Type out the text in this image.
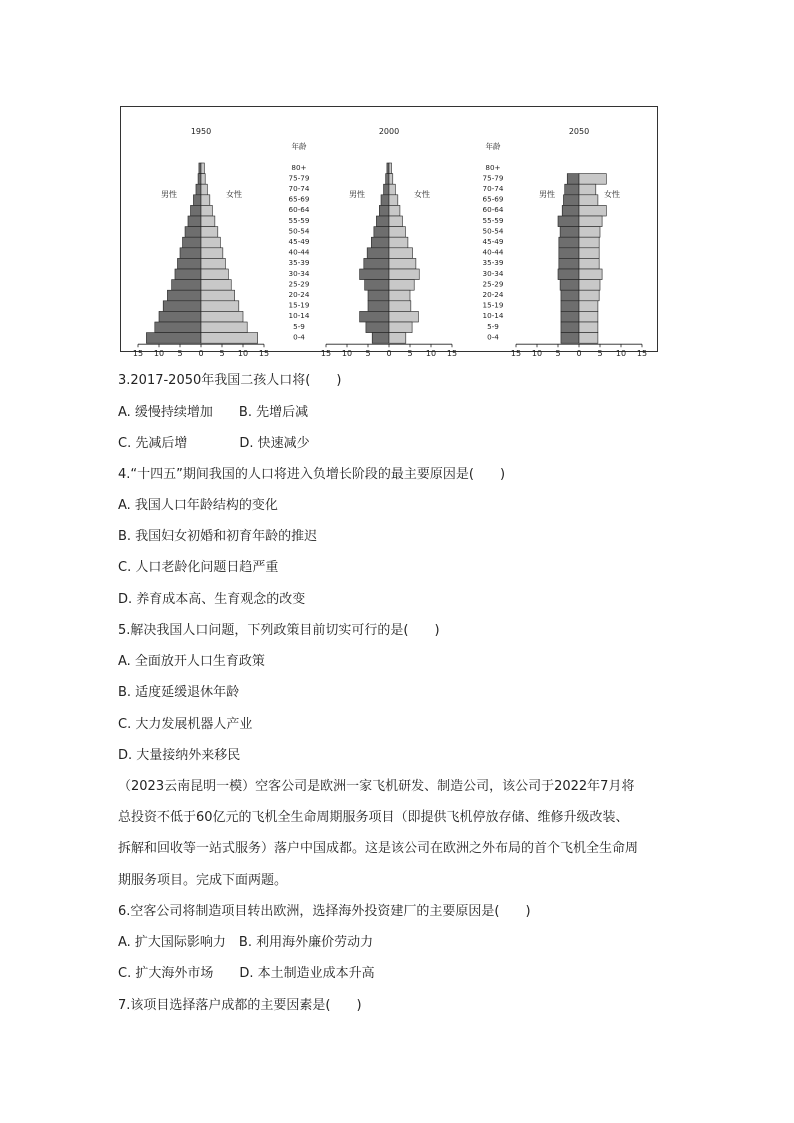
1950
男性	女性
15 10 5 0 5 10 15
2000
男性	女性
15 10 5 0 5 10 15
2050
男性	女性
15 10 5 0 5 10 15
年龄
80+
75-79
70-74
65-69
60-64
55-59
50-54
45-49
40-44
35-39
30-34
25-29
20-24
15-19
10-14
5-9
0-4
年龄
80+
75-79
70-74
65-69
60-64
55-59
50-54
45-49
40-44
35-39
30-34
25-29
20-24
15-19
10-14
5-9
0-4
3.2017-2050年我国二孩人口将(　　)
A. 缓慢持续增加　　B. 先增后减
C. 先减后增　　　　D. 快速减少
4.“十四五”期间我国的人口将进入负增长阶段的最主要原因是(　　)
A. 我国人口年龄结构的变化
B. 我国妇女初婚和初育年龄的推迟
C. 人口老龄化问题日趋严重
D. 养育成本高、生育观念的改变
5.解决我国人口问题，下列政策目前切实可行的是(　　)
A. 全面放开人口生育政策
B. 适度延缓退休年龄
C. 大力发展机器人产业
D. 大量接纳外来移民
（2023云南昆明一模）空客公司是欧洲一家飞机研发、制造公司，该公司于2022年7月将
总投资不低于60亿元的飞机全生命周期服务项目（即提供飞机停放存储、维修升级改装、
拆解和回收等一站式服务）落户中国成都。这是该公司在欧洲之外布局的首个飞机全生命周
期服务项目。完成下面两题。
6.空客公司将制造项目转出欧洲，选择海外投资建厂的主要原因是(　　)
A. 扩大国际影响力　B. 利用海外廉价劳动力
C. 扩大海外市场　　D. 本土制造业成本升高
7.该项目选择落户成都的主要因素是(　　)
